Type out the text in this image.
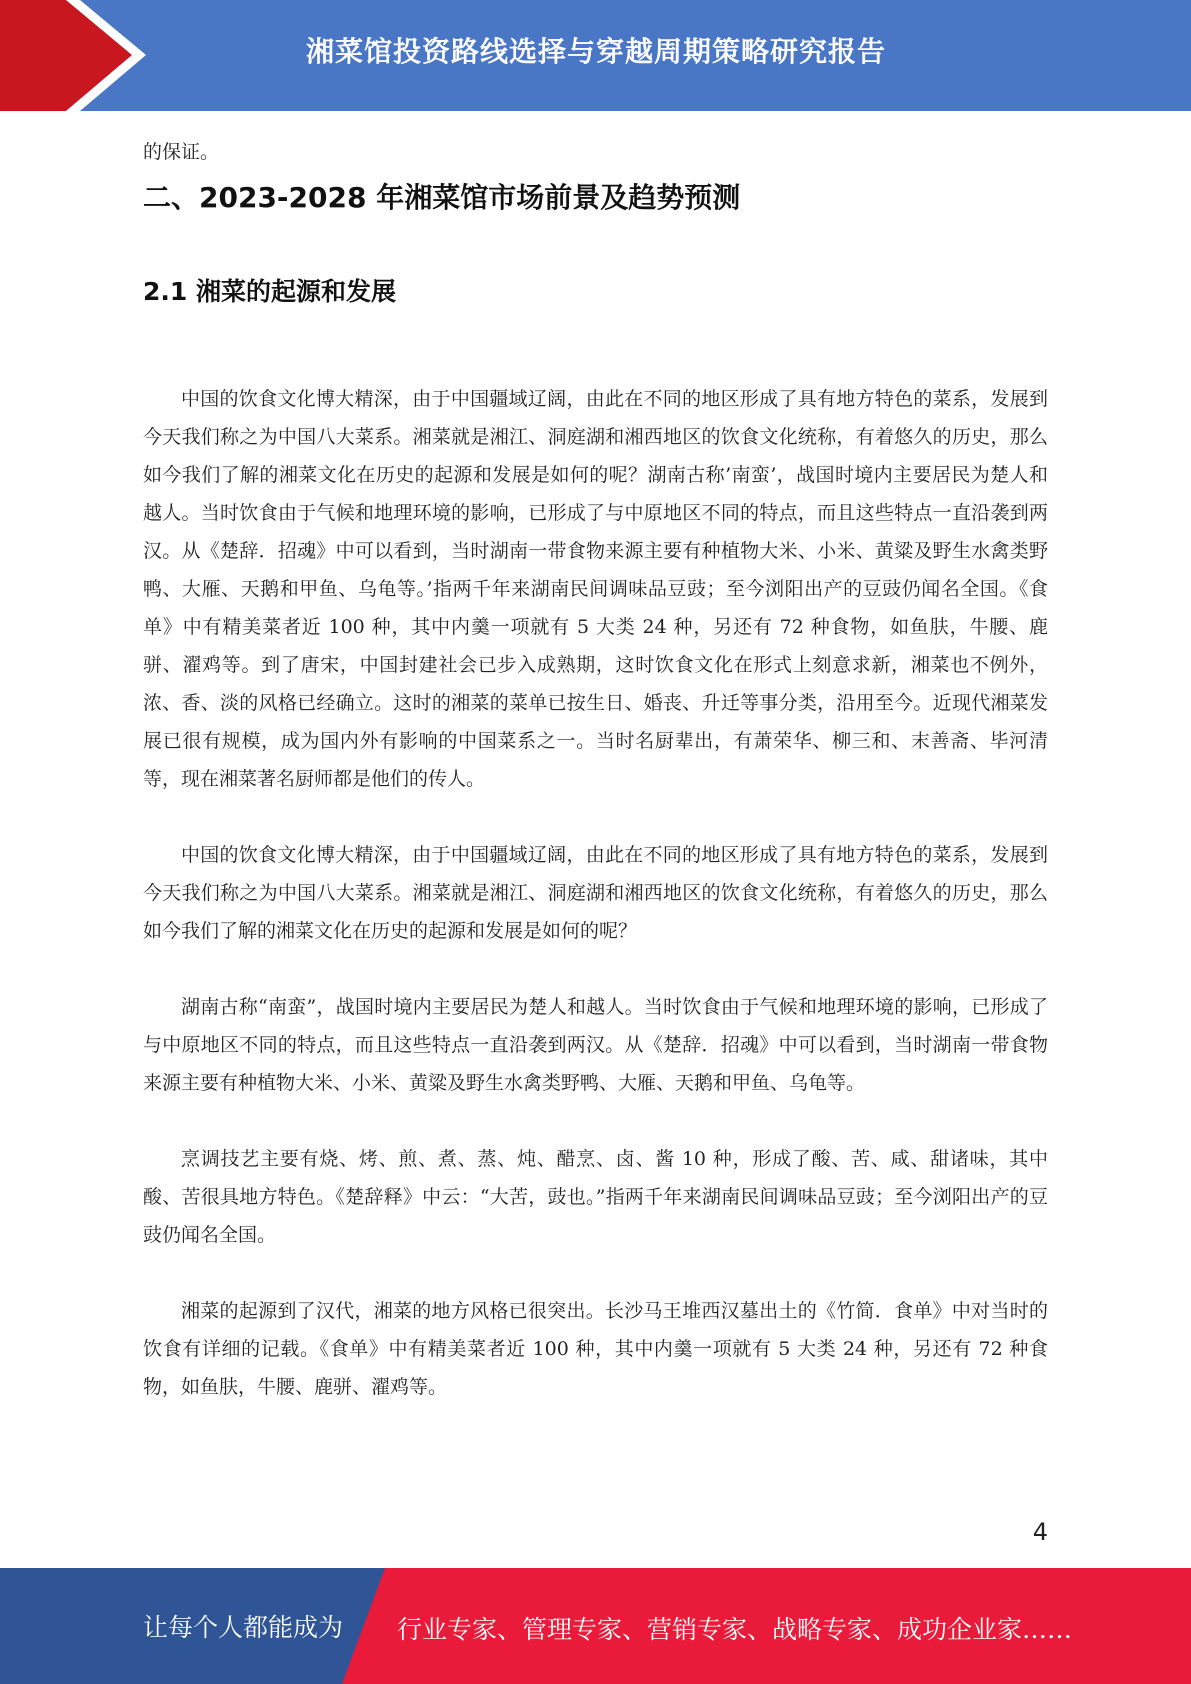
湘菜馆投资路线选择与穿越周期策略研究报告

的保证。

二、2023-2028 年湘菜馆市场前景及趋势预测
2.1 湘菜的起源和发展

中国的饮食文化博大精深，由于中国疆域辽阔，由此在不同的地区形成了具有地方特色的菜系，发展到今天我们称之为中国八大菜系。湘菜就是湘江、洞庭湖和湘西地区的饮食文化统称，有着悠久的历史，那么如今我们了解的湘菜文化在历史的起源和发展是如何的呢？湖南古称’南蛮’，战国时境内主要居民为楚人和越人。当时饮食由于气候和地理环境的影响，已形成了与中原地区不同的特点，而且这些特点一直沿袭到两汉。从《楚辞．招魂》中可以看到，当时湖南一带食物来源主要有种植物大米、小米、黄粱及野生水禽类野鸭、大雁、天鹅和甲鱼、乌龟等。’指两千年来湖南民间调味品豆豉；至今浏阳出产的豆豉仍闻名全国。《食单》中有精美菜者近 100 种，其中内羹一项就有 5 大类 24 种，另还有 72 种食物，如鱼肤，牛腰、鹿骈、濯鸡等。到了唐宋，中国封建社会已步入成熟期，这时饮食文化在形式上刻意求新，湘菜也不例外，浓、香、淡的风格已经确立。这时的湘菜的菜单已按生日、婚丧、升迁等事分类，沿用至今。近现代湘菜发展已很有规模，成为国内外有影响的中国菜系之一。当时名厨辈出，有萧荣华、柳三和、末善斋、毕河清等，现在湘菜著名厨师都是他们的传人。

中国的饮食文化博大精深，由于中国疆域辽阔，由此在不同的地区形成了具有地方特色的菜系，发展到今天我们称之为中国八大菜系。湘菜就是湘江、洞庭湖和湘西地区的饮食文化统称，有着悠久的历史，那么如今我们了解的湘菜文化在历史的起源和发展是如何的呢？

湖南古称“南蛮”，战国时境内主要居民为楚人和越人。当时饮食由于气候和地理环境的影响，已形成了与中原地区不同的特点，而且这些特点一直沿袭到两汉。从《楚辞．招魂》中可以看到，当时湖南一带食物来源主要有种植物大米、小米、黄粱及野生水禽类野鸭、大雁、天鹅和甲鱼、乌龟等。

烹调技艺主要有烧、烤、煎、煮、蒸、炖、醋烹、卤、酱 10 种，形成了酸、苦、咸、甜诸味，其中酸、苦很具地方特色。《楚辞释》中云：“大苦，豉也。”指两千年来湖南民间调味品豆豉；至今浏阳出产的豆豉仍闻名全国。

湘菜的起源到了汉代，湘菜的地方风格已很突出。长沙马王堆西汉墓出土的《竹简．食单》中对当时的饮食有详细的记载。《食单》中有精美菜者近 100 种，其中内羹一项就有 5 大类 24 种，另还有 72 种食物，如鱼肤，牛腰、鹿骈、濯鸡等。

4
让每个人都能成为 行业专家、管理专家、营销专家、战略专家、成功企业家……
